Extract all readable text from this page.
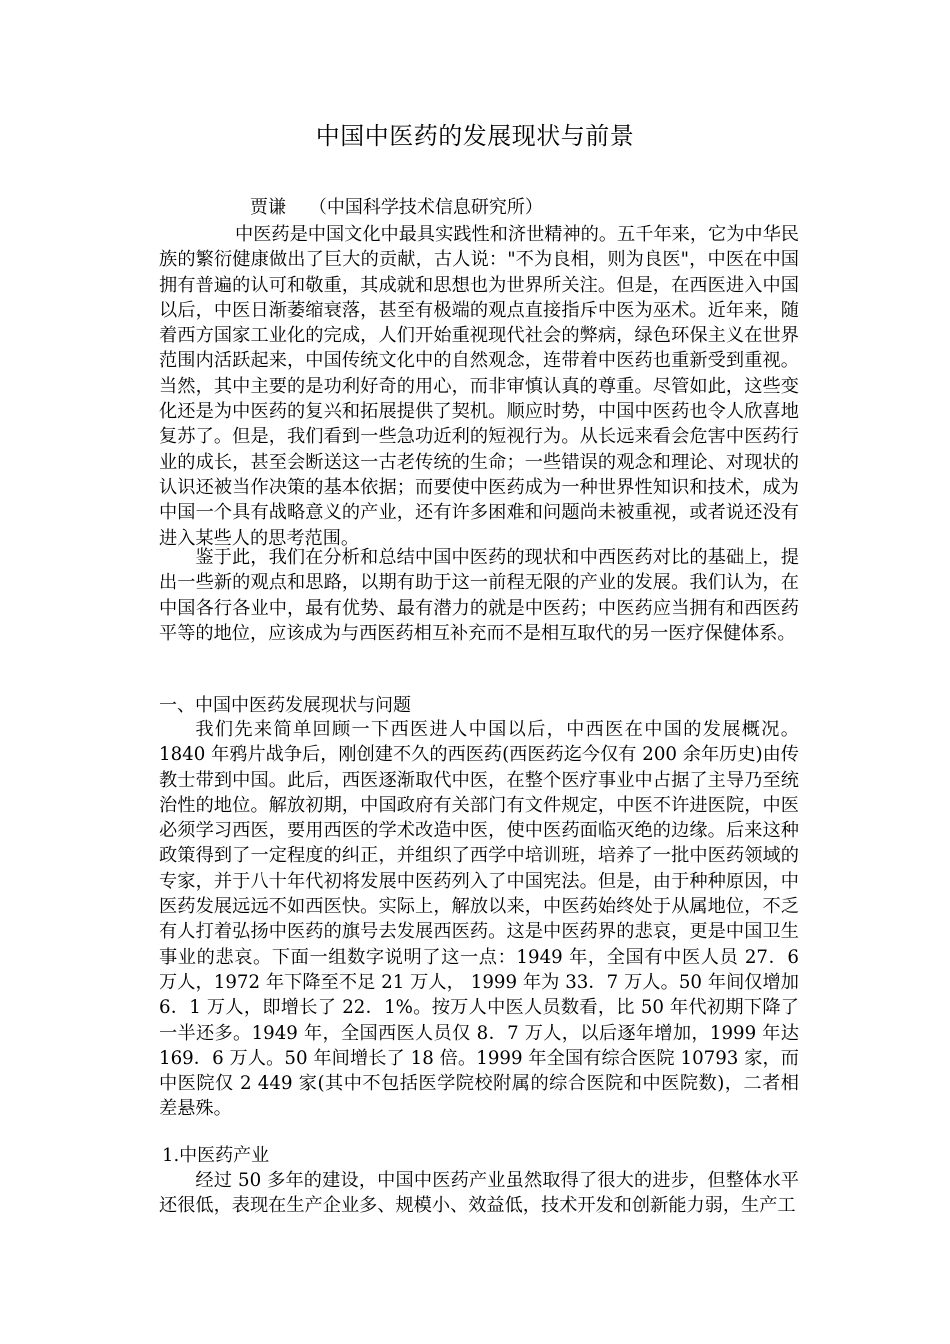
中国中医药的发展现状与前景
贾谦    （中国科学技术信息研究所）

中医药是中国文化中最具实践性和济世精神的。五千年来，它为中华民族的繁衍健康做出了巨大的贡献，古人说："不为良相，则为良医"，中医在中国拥有普遍的认可和敬重，其成就和思想也为世界所关注。但是，在西医进入中国以后，中医日渐萎缩衰落，甚至有极端的观点直接指斥中医为巫术。近年来，随着西方国家工业化的完成，人们开始重视现代社会的弊病，绿色环保主义在世界范围内活跃起来，中国传统文化中的自然观念，连带着中医药也重新受到重视。当然，其中主要的是功利好奇的用心，而非审慎认真的尊重。尽管如此，这些变化还是为中医药的复兴和拓展提供了契机。顺应时势，中国中医药也令人欣喜地复苏了。但是，我们看到一些急功近利的短视行为。从长远来看会危害中医药行业的成长，甚至会断送这一古老传统的生命；一些错误的观念和理论、对现状的认识还被当作决策的基本依据；而要使中医药成为一种世界性知识和技术，成为中国一个具有战略意义的产业，还有许多困难和问题尚未被重视，或者说还没有进入某些人的思考范围。

鉴于此，我们在分析和总结中国中医药的现状和中西医药对比的基础上，提出一些新的观点和思路，以期有助于这一前程无限的产业的发展。我们认为，在中国各行各业中，最有优势、最有潜力的就是中医药；中医药应当拥有和西医药平等的地位，应该成为与西医药相互补充而不是相互取代的另一医疗保健体系。

一、中国中医药发展现状与问题

我们先来简单回顾一下西医进人中国以后，中西医在中国的发展概况。1840 年鸦片战争后，刚创建不久的西医药(西医药迄今仅有 200 余年历史)由传教士带到中国。此后，西医逐渐取代中医，在整个医疗事业中占据了主导乃至统治性的地位。解放初期，中国政府有关部门有文件规定，中医不许进医院，中医必须学习西医，要用西医的学术改造中医，使中医药面临灭绝的边缘。后来这种政策得到了一定程度的纠正，并组织了西学中培训班，培养了一批中医药领域的专家，并于八十年代初将发展中医药列入了中国宪法。但是，由于种种原因，中医药发展远远不如西医快。实际上，解放以来，中医药始终处于从属地位，不乏有人打着弘扬中医药的旗号去发展西医药。这是中医药界的悲哀，更是中国卫生事业的悲哀。下面一组数字说明了这一点：1949 年，全国有中医人员 27．6 万人，1972 年下降至不足 21 万人， 1999 年为 33．7 万人。50 年间仅增加 6．1 万人，即增长了 22．1%。按万人中医人员数看，比 50 年代初期下降了一半还多。1949 年，全国西医人员仅 8．7 万人，以后逐年增加，1999 年达 169．6 万人。50 年间增长了 18 倍。1999 年全国有综合医院 10793 家，而中医院仅 2 449 家(其中不包括医学院校附属的综合医院和中医院数)，二者相差悬殊。

1.中医药产业

经过 50 多年的建设，中国中医药产业虽然取得了很大的进步，但整体水平还很低，表现在生产企业多、规模小、效益低，技术开发和创新能力弱，生产工
